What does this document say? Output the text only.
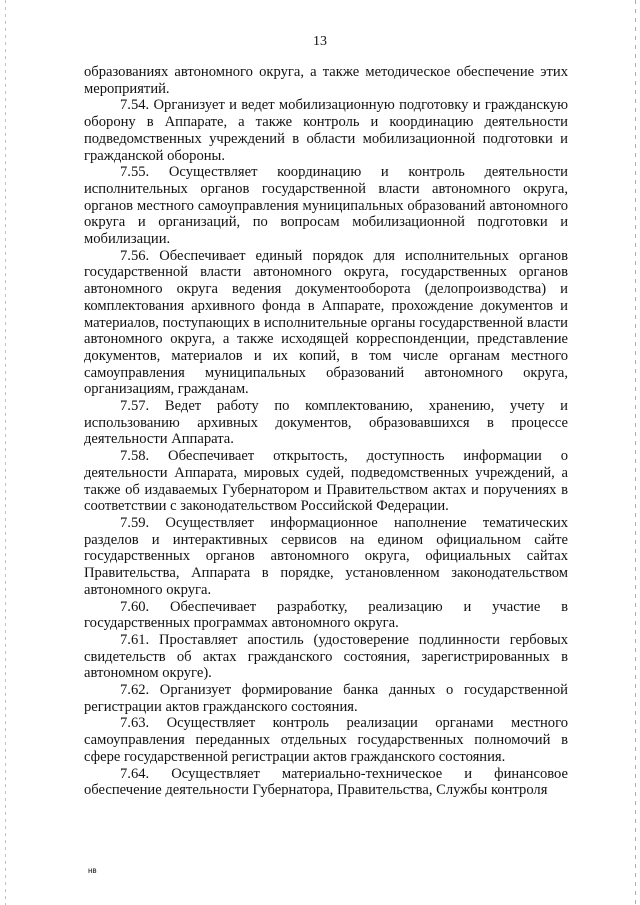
13

образованиях автономного округа, а также методическое обеспечение этих мероприятий.

7.54. Организует и ведет мобилизационную подготовку и гражданскую оборону в Аппарате, а также контроль и координацию деятельности подведомственных учреждений в области мобилизационной подготовки и гражданской обороны.

7.55. Осуществляет координацию и контроль деятельности исполнительных органов государственной власти автономного округа, органов местного самоуправления муниципальных образований автономного округа и организаций, по вопросам мобилизационной подготовки и мобилизации.

7.56. Обеспечивает единый порядок для исполнительных органов государственной власти автономного округа, государственных органов автономного округа ведения документооборота (делопроизводства) и комплектования архивного фонда в Аппарате, прохождение документов и материалов, поступающих в исполнительные органы государственной власти автономного округа, а также исходящей корреспонденции, представление документов, материалов и их копий, в том числе органам местного самоуправления муниципальных образований автономного округа, организациям, гражданам.

7.57. Ведет работу по комплектованию, хранению, учету и использованию архивных документов, образовавшихся в процессе деятельности Аппарата.

7.58. Обеспечивает открытость, доступность информации о деятельности Аппарата, мировых судей, подведомственных учреждений, а также об издаваемых Губернатором и Правительством актах и поручениях в соответствии с законодательством Российской Федерации.

7.59. Осуществляет информационное наполнение тематических разделов и интерактивных сервисов на едином официальном сайте государственных органов автономного округа, официальных сайтах Правительства, Аппарата в порядке, установленном законодательством автономного округа.

7.60. Обеспечивает разработку, реализацию и участие в государственных программах автономного округа.

7.61. Проставляет апостиль (удостоверение подлинности гербовых свидетельств об актах гражданского состояния, зарегистрированных в автономном округе).

7.62. Организует формирование банка данных о государственной регистрации актов гражданского состояния.

7.63. Осуществляет контроль реализации органами местного самоуправления переданных отдельных государственных полномочий в сфере государственной регистрации актов гражданского состояния.

7.64. Осуществляет материально-техническое и финансовое обеспечение деятельности Губернатора, Правительства, Службы контроля

нв
